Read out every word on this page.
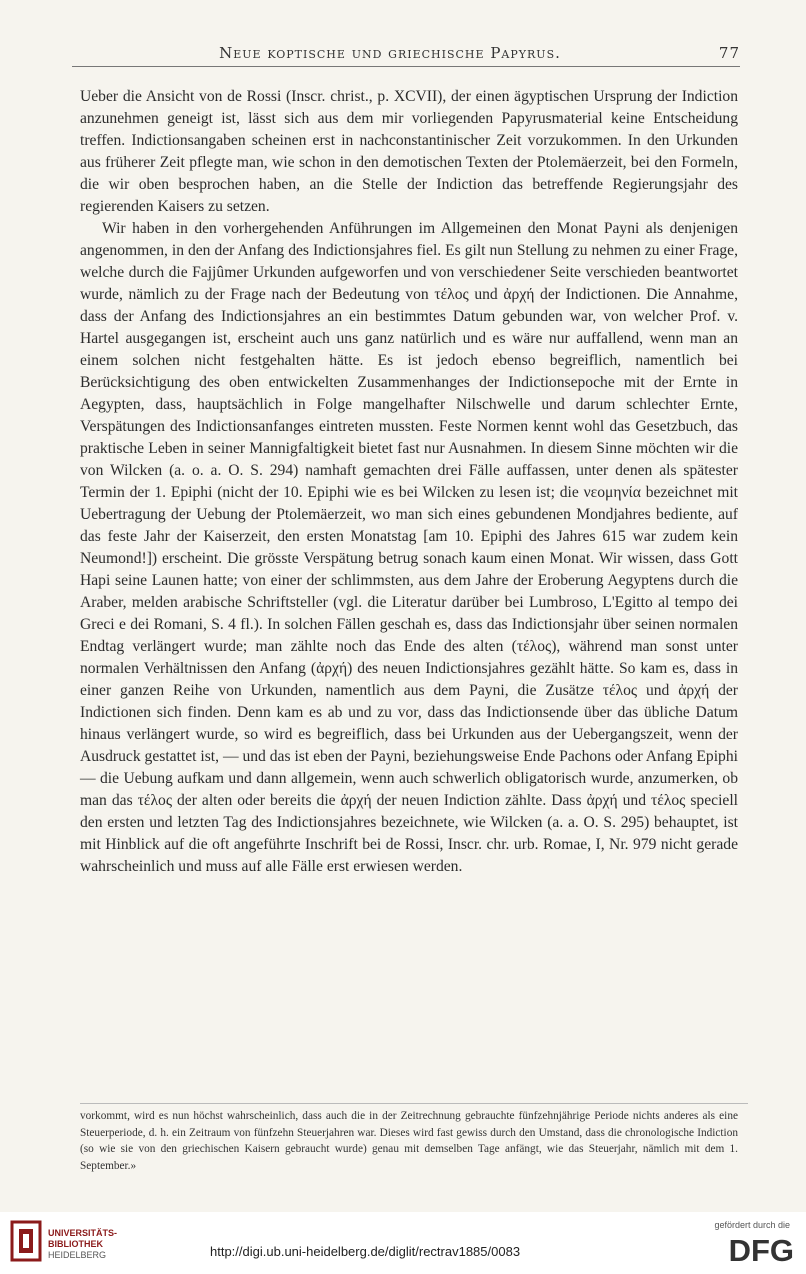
Neue koptische und griechische Papyrus.	77

Ueber die Ansicht von de Rossi (Inscr. christ., p. XCVII), der einen ägyptischen Ursprung der Indiction anzunehmen geneigt ist, lässt sich aus dem mir vorliegenden Papyrusmaterial keine Entscheidung treffen. Indictionsangaben scheinen erst in nachconstantinischer Zeit vorzukommen. In den Urkunden aus früherer Zeit pflegte man, wie schon in den demotischen Texten der Ptolemäerzeit, bei den Formeln, die wir oben besprochen haben, an die Stelle der Indiction das betreffende Regierungsjahr des regierenden Kaisers zu setzen.

Wir haben in den vorhergehenden Anführungen im Allgemeinen den Monat Payni als denjenigen angenommen, in den der Anfang des Indictionsjahres fiel. Es gilt nun Stellung zu nehmen zu einer Frage, welche durch die Fajjûmer Urkunden aufgeworfen und von verschiedener Seite verschieden beantwortet wurde, nämlich zu der Frage nach der Bedeutung von τέλος und ἀρχή der Indictionen. Die Annahme, dass der Anfang des Indictionsjahres an ein bestimmtes Datum gebunden war, von welcher Prof. v. Hartel ausgegangen ist, erscheint auch uns ganz natürlich und es wäre nur auffallend, wenn man an einem solchen nicht festgehalten hätte. Es ist jedoch ebenso begreiflich, namentlich bei Berücksichtigung des oben entwickelten Zusammenhanges der Indictionsepoche mit der Ernte in Aegypten, dass, hauptsächlich in Folge mangelhafter Nilschwelle und darum schlechter Ernte, Verspätungen des Indictionsanfanges eintreten mussten. Feste Normen kennt wohl das Gesetzbuch, das praktische Leben in seiner Mannigfaltigkeit bietet fast nur Ausnahmen. In diesem Sinne möchten wir die von Wilcken (a. o. a. O. S. 294) namhaft gemachten drei Fälle auffassen, unter denen als spätester Termin der 1. Epiphi (nicht der 10. Epiphi wie es bei Wilcken zu lesen ist; die νεομηνία bezeichnet mit Uebertragung der Uebung der Ptolemäerzeit, wo man sich eines gebundenen Mondjahres bediente, auf das feste Jahr der Kaiserzeit, den ersten Monatstag [am 10. Epiphi des Jahres 615 war zudem kein Neumond!]) erscheint. Die grösste Verspätung betrug sonach kaum einen Monat. Wir wissen, dass Gott Hapi seine Launen hatte; von einer der schlimmsten, aus dem Jahre der Eroberung Aegyptens durch die Araber, melden arabische Schriftsteller (vgl. die Literatur darüber bei Lumbroso, L'Egitto al tempo dei Greci e dei Romani, S. 4 fl.). In solchen Fällen geschah es, dass das Indictionsjahr über seinen normalen Endtag verlängert wurde; man zählte noch das Ende des alten (τέλος), während man sonst unter normalen Verhältnissen den Anfang (ἀρχή) des neuen Indictionsjahres gezählt hätte. So kam es, dass in einer ganzen Reihe von Urkunden, namentlich aus dem Payni, die Zusätze τέλος und ἀρχή der Indictionen sich finden. Denn kam es ab und zu vor, dass das Indictionsende über das übliche Datum hinaus verlängert wurde, so wird es begreiflich, dass bei Urkunden aus der Uebergangszeit, wenn der Ausdruck gestattet ist, — und das ist eben der Payni, beziehungsweise Ende Pachons oder Anfang Epiphi — die Uebung aufkam und dann allgemein, wenn auch schwerlich obligatorisch wurde, anzumerken, ob man das τέλος der alten oder bereits die ἀρχή der neuen Indiction zählte. Dass ἀρχή und τέλος speciell den ersten und letzten Tag des Indictionsjahres bezeichnete, wie Wilcken (a. a. O. S. 295) behauptet, ist mit Hinblick auf die oft angeführte Inschrift bei de Rossi, Inscr. chr. urb. Romae, I, Nr. 979 nicht gerade wahrscheinlich und muss auf alle Fälle erst erwiesen werden.

vorkommt, wird es nun höchst wahrscheinlich, dass auch die in der Zeitrechnung gebrauchte fünfzehnjährige Periode nichts anderes als eine Steuerperiode, d. h. ein Zeitraum von fünfzehn Steuerjahren war. Dieses wird fast gewiss durch den Umstand, dass die chronologische Indiction (so wie sie von den griechischen Kaisern gebraucht wurde) genau mit demselben Tage anfängt, wie das Steuerjahr, nämlich mit dem 1. September.»
UNIVERSITÄTS-
BIBLIOTHEK
HEIDELBERG	http://digi.ub.uni-heidelberg.de/diglit/rectrav1885/0083
gefördert durch die
DFG
